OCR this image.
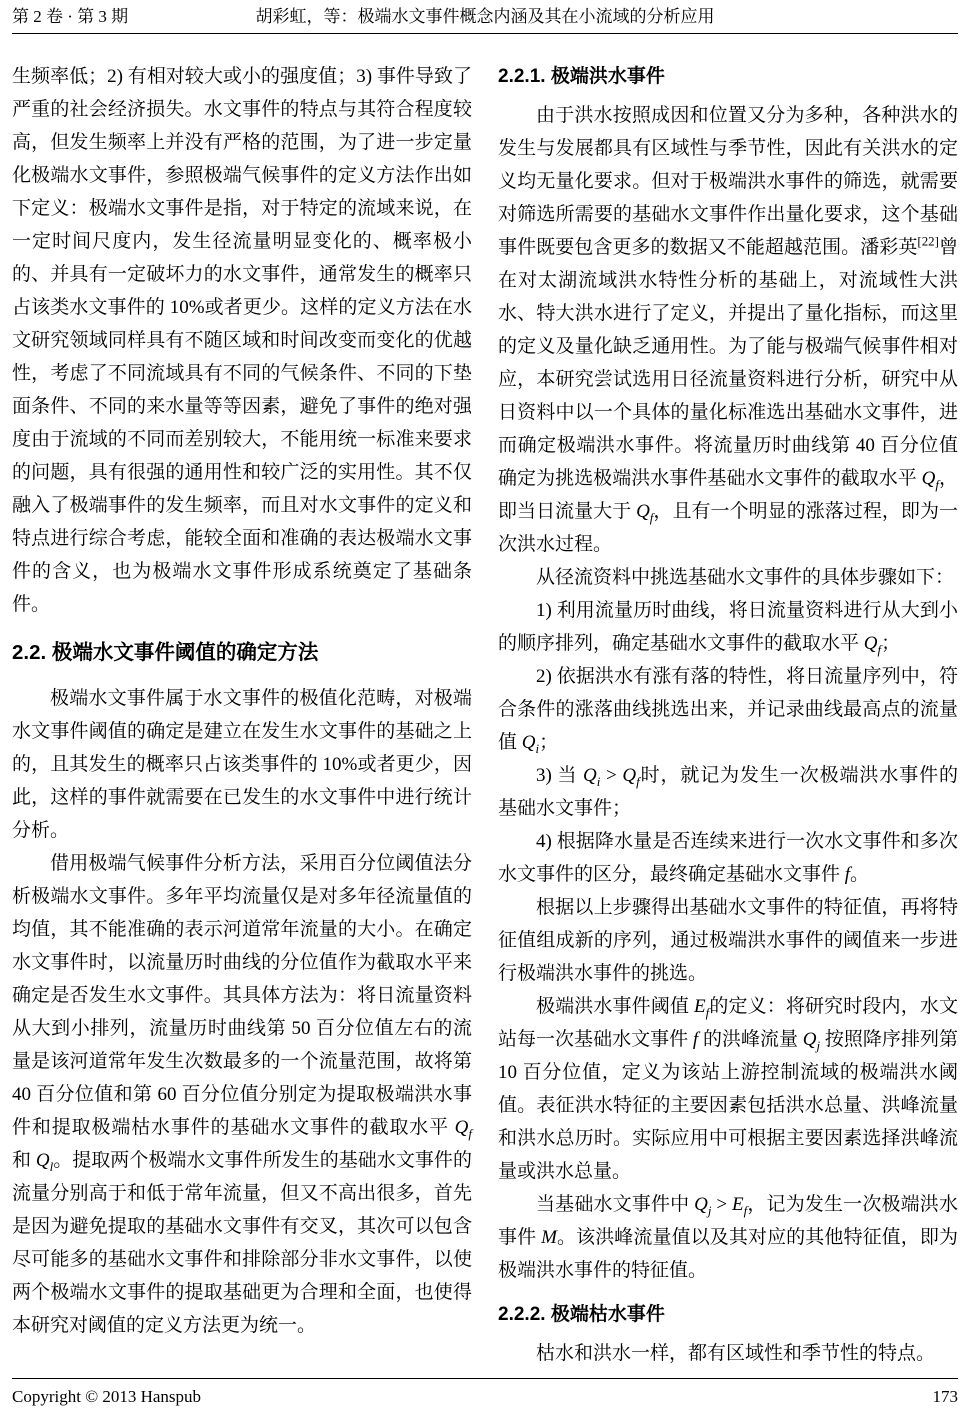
第 2 卷 · 第 3 期	胡彩虹，等：极端水文事件概念内涵及其在小流域的分析应用

生频率低；2) 有相对较大或小的强度值；3) 事件导致了严重的社会经济损失。水文事件的特点与其符合程度较高，但发生频率上并没有严格的范围，为了进一步定量化极端水文事件，参照极端气候事件的定义方法作出如下定义：极端水文事件是指，对于特定的流域来说，在一定时间尺度内，发生径流量明显变化的、概率极小的、并具有一定破坏力的水文事件，通常发生的概率只占该类水文事件的 10%或者更少。这样的定义方法在水文研究领域同样具有不随区域和时间改变而变化的优越性，考虑了不同流域具有不同的气候条件、不同的下垫面条件、不同的来水量等等因素，避免了事件的绝对强度由于流域的不同而差别较大，不能用统一标准来要求的问题，具有很强的通用性和较广泛的实用性。其不仅融入了极端事件的发生频率，而且对水文事件的定义和特点进行综合考虑，能较全面和准确的表达极端水文事件的含义，也为极端水文事件形成系统奠定了基础条件。

2.2. 极端水文事件阈值的确定方法

极端水文事件属于水文事件的极值化范畴，对极端水文事件阈值的确定是建立在发生水文事件的基础之上的，且其发生的概率只占该类事件的 10%或者更少，因此，这样的事件就需要在已发生的水文事件中进行统计分析。

借用极端气候事件分析方法，采用百分位阈值法分析极端水文事件。多年平均流量仅是对多年径流量值的均值，其不能准确的表示河道常年流量的大小。在确定水文事件时，以流量历时曲线的分位值作为截取水平来确定是否发生水文事件。其具体方法为：将日流量资料从大到小排列，流量历时曲线第 50 百分位值左右的流量是该河道常年发生次数最多的一个流量范围，故将第 40 百分位值和第 60 百分位值分别定为提取极端洪水事件和提取极端枯水事件的基础水文事件的截取水平 $Q_f$ 和 $Q_l$。提取两个极端水文事件所发生的基础水文事件的流量分别高于和低于常年流量，但又不高出很多，首先是因为避免提取的基础水文事件有交叉，其次可以包含尽可能多的基础水文事件和排除部分非水文事件，以使两个极端水文事件的提取基础更为合理和全面，也使得本研究对阈值的定义方法更为统一。

2.2.1. 极端洪水事件

由于洪水按照成因和位置又分为多种，各种洪水的发生与发展都具有区域性与季节性，因此有关洪水的定义均无量化要求。但对于极端洪水事件的筛选，就需要对筛选所需要的基础水文事件作出量化要求，这个基础事件既要包含更多的数据又不能超越范围。潘彩英[22]曾在对太湖流域洪水特性分析的基础上，对流域性大洪水、特大洪水进行了定义，并提出了量化指标，而这里的定义及量化缺乏通用性。为了能与极端气候事件相对应，本研究尝试选用日径流量资料进行分析，研究中从日资料中以一个具体的量化标准选出基础水文事件，进而确定极端洪水事件。将流量历时曲线第 40 百分位值确定为挑选极端洪水事件基础水文事件的截取水平 $Q_f$，即当日流量大于 $Q_f$，且有一个明显的涨落过程，即为一次洪水过程。

从径流资料中挑选基础水文事件的具体步骤如下：

1) 利用流量历时曲线，将日流量资料进行从大到小的顺序排列，确定基础水文事件的截取水平 $Q_f$；

2) 依据洪水有涨有落的特性，将日流量序列中，符合条件的涨落曲线挑选出来，并记录曲线最高点的流量值 $Q_i$；

3) 当 $Q_i > Q_f$时，就记为发生一次极端洪水事件的基础水文事件；

4) 根据降水量是否连续来进行一次水文事件和多次水文事件的区分，最终确定基础水文事件 f。

根据以上步骤得出基础水文事件的特征值，再将特征值组成新的序列，通过极端洪水事件的阈值来一步进行极端洪水事件的挑选。

极端洪水事件阈值 $E_f$的定义：将研究时段内，水文站每一次基础水文事件 f 的洪峰流量 $Q_j$ 按照降序排列第 10 百分位值，定义为该站上游控制流域的极端洪水阈值。表征洪水特征的主要因素包括洪水总量、洪峰流量和洪水总历时。实际应用中可根据主要因素选择洪峰流量或洪水总量。

当基础水文事件中 $Q_j > E_f$，记为发生一次极端洪水事件 M。该洪峰流量值以及其对应的其他特征值，即为极端洪水事件的特征值。

2.2.2. 极端枯水事件

枯水和洪水一样，都有区域性和季节性的特点。

Copyright © 2013 Hanspub	173
